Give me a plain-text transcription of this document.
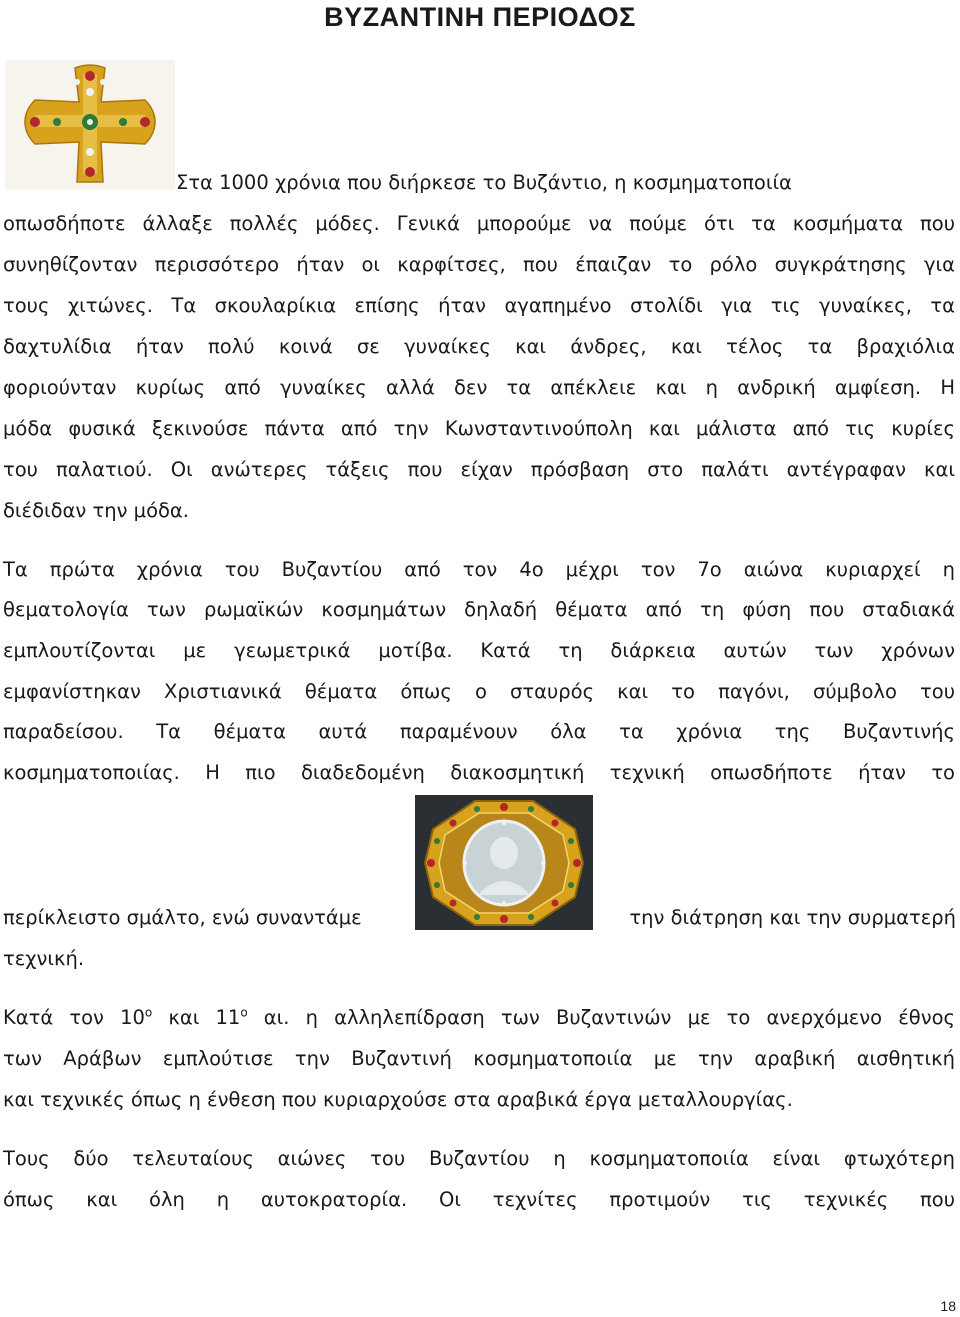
ΒΥΖΑΝΤΙΝΗ ΠΕΡΙΟΔΟΣ
Στα 1000 χρόνια που διήρκεσε το Βυζάντιο, η κοσμηματοποιία
οπωσδήποτε άλλαξε πολλές μόδες. Γενικά μπορούμε να πούμε ότι τα κοσμήματα που
συνηθίζονταν περισσότερο ήταν οι καρφίτσες, που έπαιζαν το ρόλο συγκράτησης για
τους χιτώνες. Τα σκουλαρίκια επίσης ήταν αγαπημένο στολίδι για τις γυναίκες, τα
δαχτυλίδια ήταν πολύ κοινά σε γυναίκες και άνδρες, και τέλος τα βραχιόλια
φοριούνταν κυρίως από γυναίκες αλλά δεν τα απέκλειε και η ανδρική αμφίεση. Η
μόδα φυσικά ξεκινούσε πάντα από την Κωνσταντινούπολη και μάλιστα από τις κυρίες
του παλατιού. Οι ανώτερες τάξεις που είχαν πρόσβαση στο παλάτι αντέγραφαν και
διέδιδαν την μόδα.
Τα πρώτα χρόνια του Βυζαντίου από τον 4ο μέχρι τον 7ο αιώνα κυριαρχεί η
θεματολογία των ρωμαϊκών κοσμημάτων δηλαδή θέματα από τη φύση που σταδιακά
εμπλουτίζονται με γεωμετρικά μοτίβα. Κατά τη διάρκεια αυτών των χρόνων
εμφανίστηκαν Χριστιανικά θέματα όπως ο σταυρός και το παγόνι, σύμβολο του
παραδείσου. Τα θέματα αυτά παραμένουν όλα τα χρόνια της Βυζαντινής
κοσμηματοποιίας. Η πιο διαδεδομένη διακοσμητική τεχνική οπωσδήποτε ήταν το
περίκλειστο σμάλτο, ενώ συναντάμε	την διάτρηση και την συρματερή
τεχνική.
Κατά τον $10^o$ και $11^o$ αι. η αλληλεπίδραση των Βυζαντινών με το ανερχόμενο έθνος
των Αράβων εμπλούτισε την Βυζαντινή κοσμηματοποιία με την αραβική αισθητική
και τεχνικές όπως η ένθεση που κυριαρχούσε στα αραβικά έργα μεταλλουργίας.
Τους δύο τελευταίους αιώνες του Βυζαντίου η κοσμηματοποιία είναι φτωχότερη
όπως και όλη η αυτοκρατορία. Οι τεχνίτες προτιμούν τις τεχνικές που
18
